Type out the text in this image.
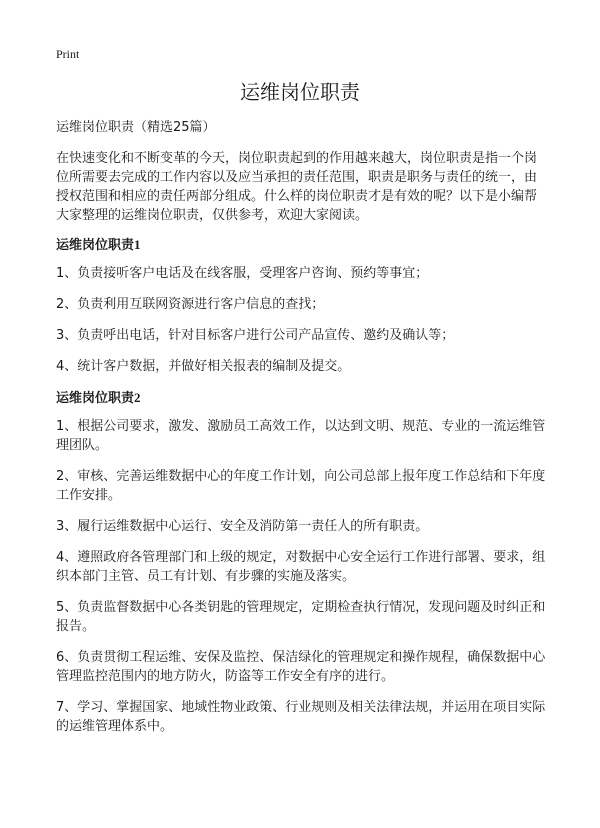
Print
运维岗位职责

运维岗位职责（精选25篇）

在快速变化和不断变革的今天，岗位职责起到的作用越来越大，岗位职责是指一个岗位所需要去完成的工作内容以及应当承担的责任范围，职责是职务与责任的统一，由授权范围和相应的责任两部分组成。什么样的岗位职责才是有效的呢？以下是小编帮大家整理的运维岗位职责，仅供参考，欢迎大家阅读。

运维岗位职责1

1、负责接听客户电话及在线客服，受理客户咨询、预约等事宜；

2、负责利用互联网资源进行客户信息的查找；

3、负责呼出电话，针对目标客户进行公司产品宣传、邀约及确认等；

4、统计客户数据，并做好相关报表的编制及提交。

运维岗位职责2

1、根据公司要求，激发、激励员工高效工作，以达到文明、规范、专业的一流运维管理团队。

2、审核、完善运维数据中心的年度工作计划，向公司总部上报年度工作总结和下年度工作安排。

3、履行运维数据中心运行、安全及消防第一责任人的所有职责。

4、遵照政府各管理部门和上级的规定，对数据中心安全运行工作进行部署、要求，组织本部门主管、员工有计划、有步骤的实施及落实。

5、负责监督数据中心各类钥匙的管理规定，定期检查执行情况，发现问题及时纠正和报告。

6、负责贯彻工程运维、安保及监控、保洁绿化的管理规定和操作规程，确保数据中心管理监控范围内的地方防火，防盗等工作安全有序的进行。

7、学习、掌握国家、地域性物业政策、行业规则及相关法律法规，并运用在项目实际的运维管理体系中。
